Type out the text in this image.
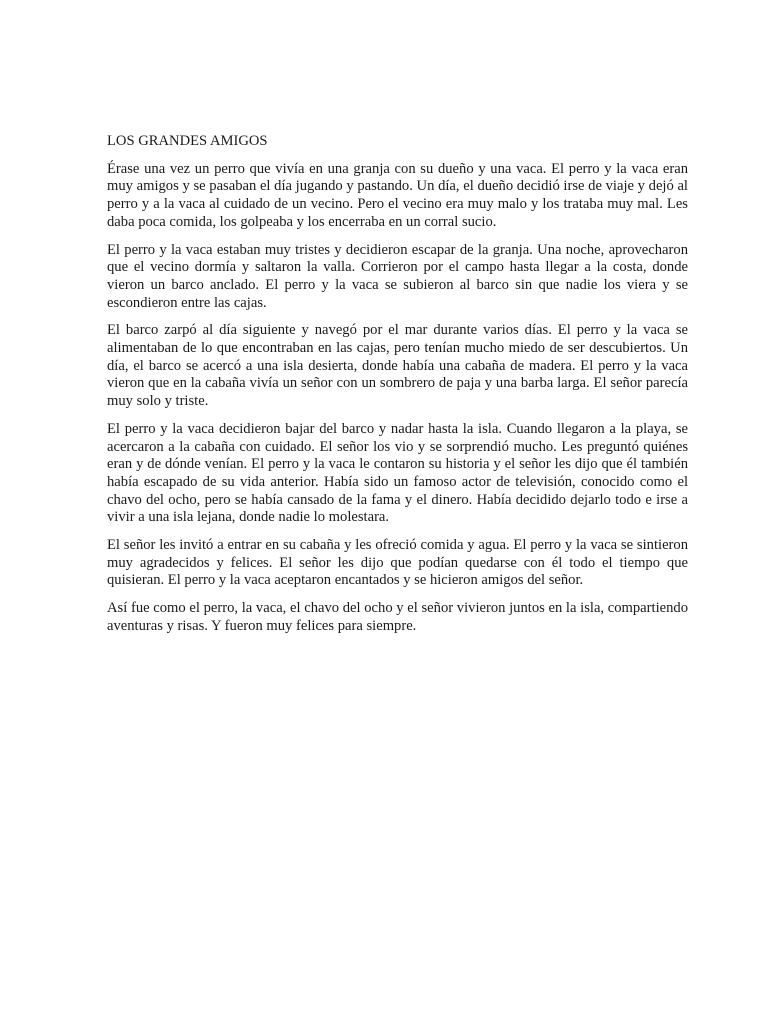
LOS GRANDES AMIGOS

Érase una vez un perro que vivía en una granja con su dueño y una vaca. El perro y la vaca eran muy amigos y se pasaban el día jugando y pastando. Un día, el dueño decidió irse de viaje y dejó al perro y a la vaca al cuidado de un vecino. Pero el vecino era muy malo y los trataba muy mal. Les daba poca comida, los golpeaba y los encerraba en un corral sucio.

El perro y la vaca estaban muy tristes y decidieron escapar de la granja. Una noche, aprovecharon que el vecino dormía y saltaron la valla. Corrieron por el campo hasta llegar a la costa, donde vieron un barco anclado. El perro y la vaca se subieron al barco sin que nadie los viera y se escondieron entre las cajas.

El barco zarpó al día siguiente y navegó por el mar durante varios días. El perro y la vaca se alimentaban de lo que encontraban en las cajas, pero tenían mucho miedo de ser descubiertos. Un día, el barco se acercó a una isla desierta, donde había una cabaña de madera. El perro y la vaca vieron que en la cabaña vivía un señor con un sombrero de paja y una barba larga. El señor parecía muy solo y triste.

El perro y la vaca decidieron bajar del barco y nadar hasta la isla. Cuando llegaron a la playa, se acercaron a la cabaña con cuidado. El señor los vio y se sorprendió mucho. Les preguntó quiénes eran y de dónde venían. El perro y la vaca le contaron su historia y el señor les dijo que él también había escapado de su vida anterior. Había sido un famoso actor de televisión, conocido como el chavo del ocho, pero se había cansado de la fama y el dinero. Había decidido dejarlo todo e irse a vivir a una isla lejana, donde nadie lo molestara.

El señor les invitó a entrar en su cabaña y les ofreció comida y agua. El perro y la vaca se sintieron muy agradecidos y felices. El señor les dijo que podían quedarse con él todo el tiempo que quisieran. El perro y la vaca aceptaron encantados y se hicieron amigos del señor.

Así fue como el perro, la vaca, el chavo del ocho y el señor vivieron juntos en la isla, compartiendo aventuras y risas. Y fueron muy felices para siempre.
